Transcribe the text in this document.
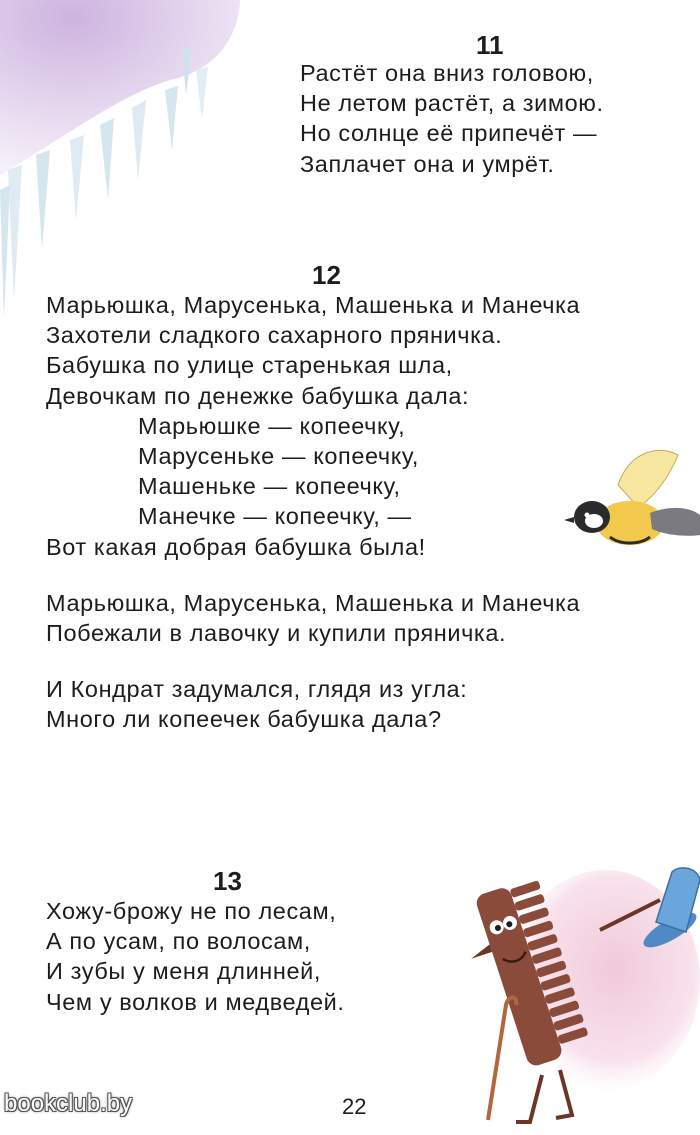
11
Растёт она вниз головою,
Не летом растёт, а зимою.
Но солнце её припечёт —
Заплачет она и умрёт.
12
Марьюшка, Марусенька, Машенька и Манечка
Захотели сладкого сахарного пряничка.
Бабушка по улице старенькая шла,
Девочкам по денежке бабушка дала:
Марьюшке — копеечку,
Марусеньке — копеечку,
Машеньке — копеечку,
Манечке — копеечку, —
Вот какая добрая бабушка была!
Марьюшка, Марусенька, Машенька и Манечка
Побежали в лавочку и купили пряничка.
И Кондрат задумался, глядя из угла:
Много ли копеечек бабушка дала?
13
Хожу-брожу не по лесам,
А по усам, по волосам,
И зубы у меня длинней,
Чем у волков и медведей.
22
bookclub.by
